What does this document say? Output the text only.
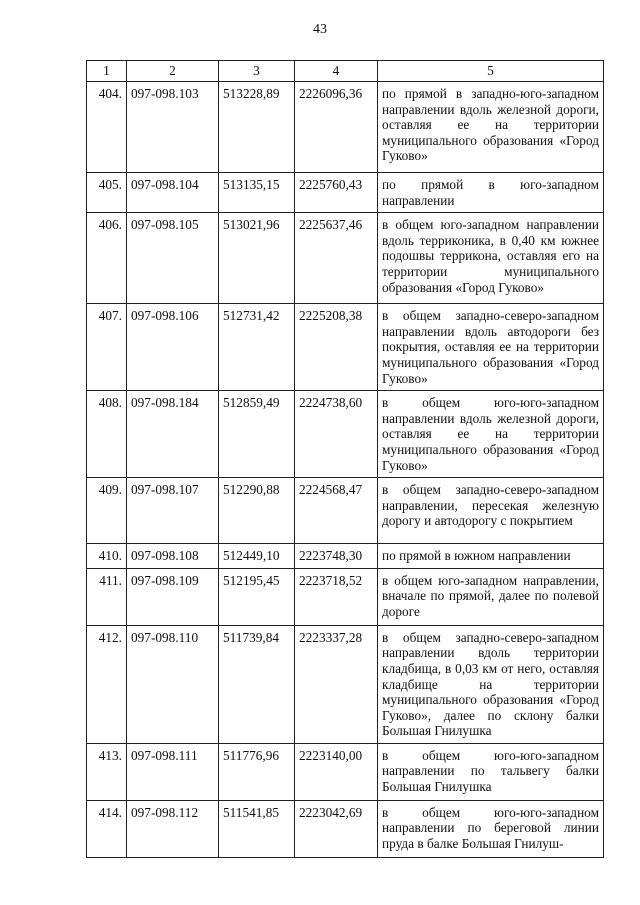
43
1	2	3	4	5
404.	097-098.103	513228,89	2226096,36	по прямой в западно-юго-западном направлении вдоль железной дороги, оставляя ее на территории муниципального образования «Город Гуково»
405.	097-098.104	513135,15	2225760,43	по прямой в юго-западном направлении
406.	097-098.105	513021,96	2225637,46	в общем юго-западном направлении вдоль терриконика, в 0,40 км южнее подошвы терриконa, оставляя его на территории муниципального образования «Город Гуково»
407.	097-098.106	512731,42	2225208,38	в общем западно-северо-западном направлении вдоль автодороги без покрытия, оставляя ее на территории муниципального образования «Город Гуково»
408.	097-098.184	512859,49	2224738,60	в общем юго-юго-западном направлении вдоль железной дороги, оставляя ее на территории муниципального образования «Город Гуково»
409.	097-098.107	512290,88	2224568,47	в общем западно-северо-западном направлении, пересекая железную дорогу и автодорогу с покрытием
410.	097-098.108	512449,10	2223748,30	по прямой в южном направлении
411.	097-098.109	512195,45	2223718,52	в общем юго-западном направлении, вначале по прямой, далее по полевой дороге
412.	097-098.110	511739,84	2223337,28	в общем западно-северо-западном направлении вдоль территории кладбища, в 0,03 км от него, оставляя кладбище на территории муниципального образования «Город Гуково», далее по склону балки Большая Гнилушка
413.	097-098.111	511776,96	2223140,00	в общем юго-юго-западном направлении по тальвегу балки Большая Гнилушка
414.	097-098.112	511541,85	2223042,69	в общем юго-юго-западном направлении по береговой линии пруда в балке Большая Гнилуш-
